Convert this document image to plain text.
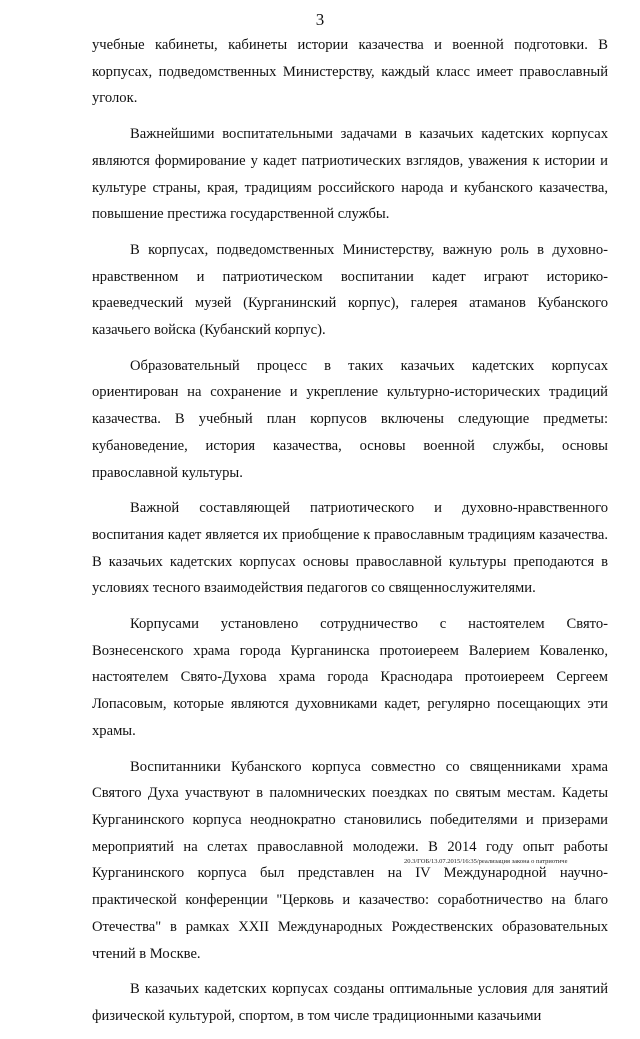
3

учебные кабинеты, кабинеты истории казачества и военной подготовки. В корпусах, подведомственных Министерству, каждый класс имеет православный уголок.

Важнейшими воспитательными задачами в казачьих кадетских корпусах являются формирование у кадет патриотических взглядов, уважения к истории и культуре страны, края, традициям российского народа и кубанского казачества, повышение престижа государственной службы.

В корпусах, подведомственных Министерству, важную роль в духовно-нравственном и патриотическом воспитании кадет играют историко-краеведческий музей (Курганинский корпус), галерея атаманов Кубанского казачьего войска (Кубанский корпус).

Образовательный процесс в таких казачьих кадетских корпусах ориентирован на сохранение и укрепление культурно-исторических традиций казачества. В учебный план корпусов включены следующие предметы: кубановедение, история казачества, основы военной службы, основы православной культуры.

Важной составляющей патриотического и духовно-нравственного воспитания кадет является их приобщение к православным традициям казачества. В казачьих кадетских корпусах основы православной культуры преподаются в условиях тесного взаимодействия педагогов со священнослужителями.

Корпусами установлено сотрудничество с настоятелем Свято-Вознесенского храма города Курганинска протоиереем Валерием Коваленко, настоятелем Свято-Духова храма города Краснодара протоиереем Сергеем Лопасовым, которые являются духовниками кадет, регулярно посещающих эти храмы.

Воспитанники Кубанского корпуса совместно со священниками храма Святого Духа участвуют в паломнических поездках по святым местам. Кадеты Курганинского корпуса неоднократно становились победителями и призерами мероприятий на слетах православной молодежи. В 2014 году опыт работы Курганинского корпуса был представлен на IV Международной научно-практической конференции "Церковь и казачество: соработничество на благо Отечества" в рамках XXII Международных Рождественских образовательных чтений в Москве.

В казачьих кадетских корпусах созданы оптимальные условия для занятий физической культурой, спортом, в том числе традиционными казачьими

20.3/ГОБ/13.07.2015/16:35/реализация закона о патриотиче
